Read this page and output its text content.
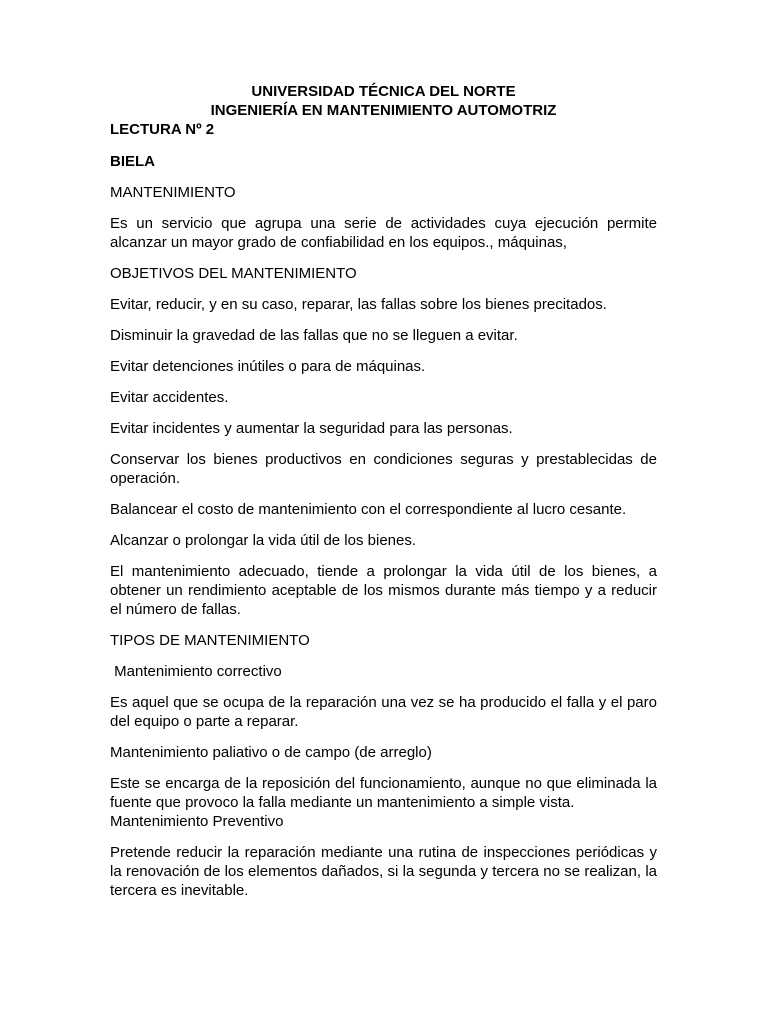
UNIVERSIDAD TÉCNICA DEL NORTE

INGENIERÍA EN MANTENIMIENTO AUTOMOTRIZ

LECTURA Nº 2

BIELA

MANTENIMIENTO

Es un servicio que agrupa una serie de actividades cuya ejecución permite alcanzar un mayor grado de confiabilidad en los equipos., máquinas,

OBJETIVOS DEL MANTENIMIENTO

Evitar, reducir, y en su caso, reparar, las fallas sobre los bienes precitados.

Disminuir la gravedad de las fallas que no se lleguen a evitar.

Evitar detenciones inútiles o para de máquinas.

Evitar accidentes.

Evitar incidentes y aumentar la seguridad para las personas.

Conservar los bienes productivos en condiciones seguras y prestablecidas de operación.

Balancear el costo de mantenimiento con el correspondiente al lucro cesante.

Alcanzar o prolongar la vida útil de los bienes.

El mantenimiento adecuado, tiende a prolongar la vida útil de los bienes, a obtener un rendimiento aceptable de los mismos durante más tiempo y a reducir el número de fallas.

TIPOS DE MANTENIMIENTO

Mantenimiento correctivo

Es aquel que se ocupa de la reparación una vez se ha producido el falla y el paro del equipo o parte a reparar.

Mantenimiento paliativo o de campo (de arreglo)

Este se encarga de la reposición del funcionamiento, aunque no que eliminada la fuente que provoco la falla mediante un mantenimiento a simple vista.
Mantenimiento Preventivo

Pretende reducir la reparación mediante una rutina de inspecciones periódicas y la renovación de los elementos dañados, si la segunda y tercera no se realizan, la tercera es inevitable.
